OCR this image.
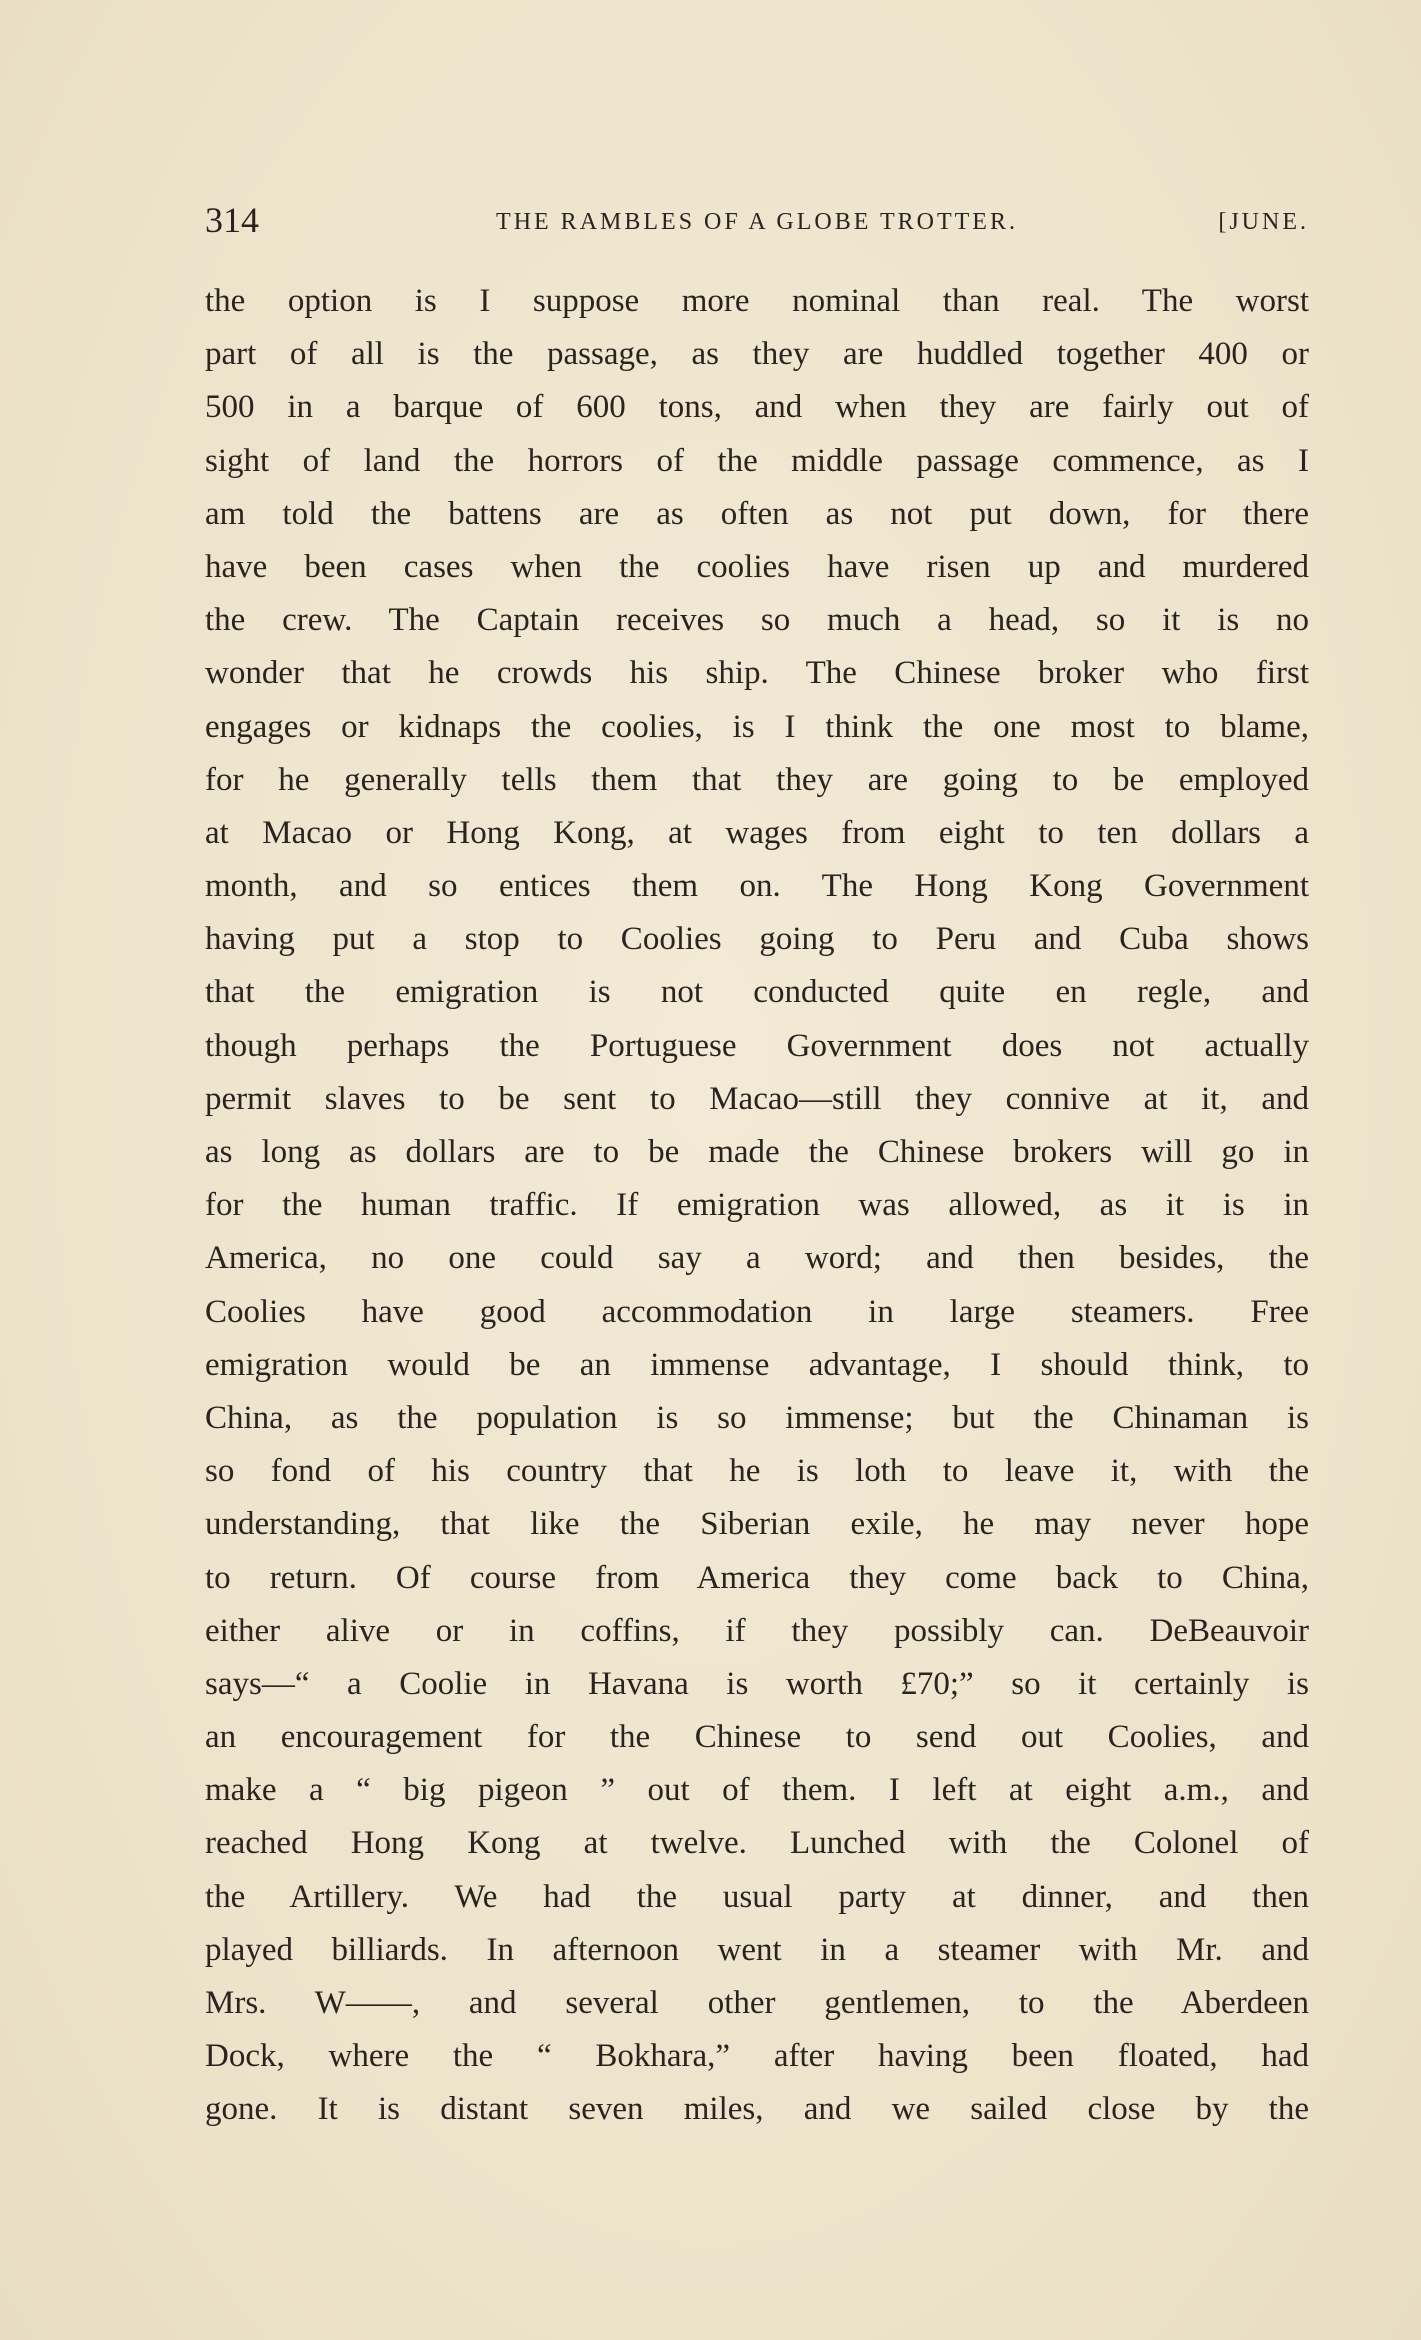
314	THE RAMBLES OF A GLOBE TROTTER.	[JUNE.
the option is I suppose more nominal than real. The worst
part of all is the passage, as they are huddled together 400 or
500 in a barque of 600 tons, and when they are fairly out of
sight of land the horrors of the middle passage commence, as I
am told the battens are as often as not put down, for there
have been cases when the coolies have risen up and murdered
the crew. The Captain receives so much a head, so it is no
wonder that he crowds his ship. The Chinese broker who first
engages or kidnaps the coolies, is I think the one most to blame,
for he generally tells them that they are going to be employed
at Macao or Hong Kong, at wages from eight to ten dollars a
month, and so entices them on. The Hong Kong Government
having put a stop to Coolies going to Peru and Cuba shows
that the emigration is not conducted quite en regle, and
though perhaps the Portuguese Government does not actually
permit slaves to be sent to Macao—still they connive at it, and
as long as dollars are to be made the Chinese brokers will go in
for the human traffic. If emigration was allowed, as it is in
America, no one could say a word; and then besides, the
Coolies have good accommodation in large steamers. Free
emigration would be an immense advantage, I should think, to
China, as the population is so immense; but the Chinaman is
so fond of his country that he is loth to leave it, with the
understanding, that like the Siberian exile, he may never hope
to return. Of course from America they come back to China,
either alive or in coffins, if they possibly can. DeBeauvoir
says—“ a Coolie in Havana is worth £70;” so it certainly is
an encouragement for the Chinese to send out Coolies, and
make a “ big pigeon ” out of them. I left at eight a.m., and
reached Hong Kong at twelve. Lunched with the Colonel of
the Artillery. We had the usual party at dinner, and then
played billiards. In afternoon went in a steamer with Mr. and
Mrs. W——, and several other gentlemen, to the Aberdeen
Dock, where the “ Bokhara,” after having been floated, had
gone. It is distant seven miles, and we sailed close by the
